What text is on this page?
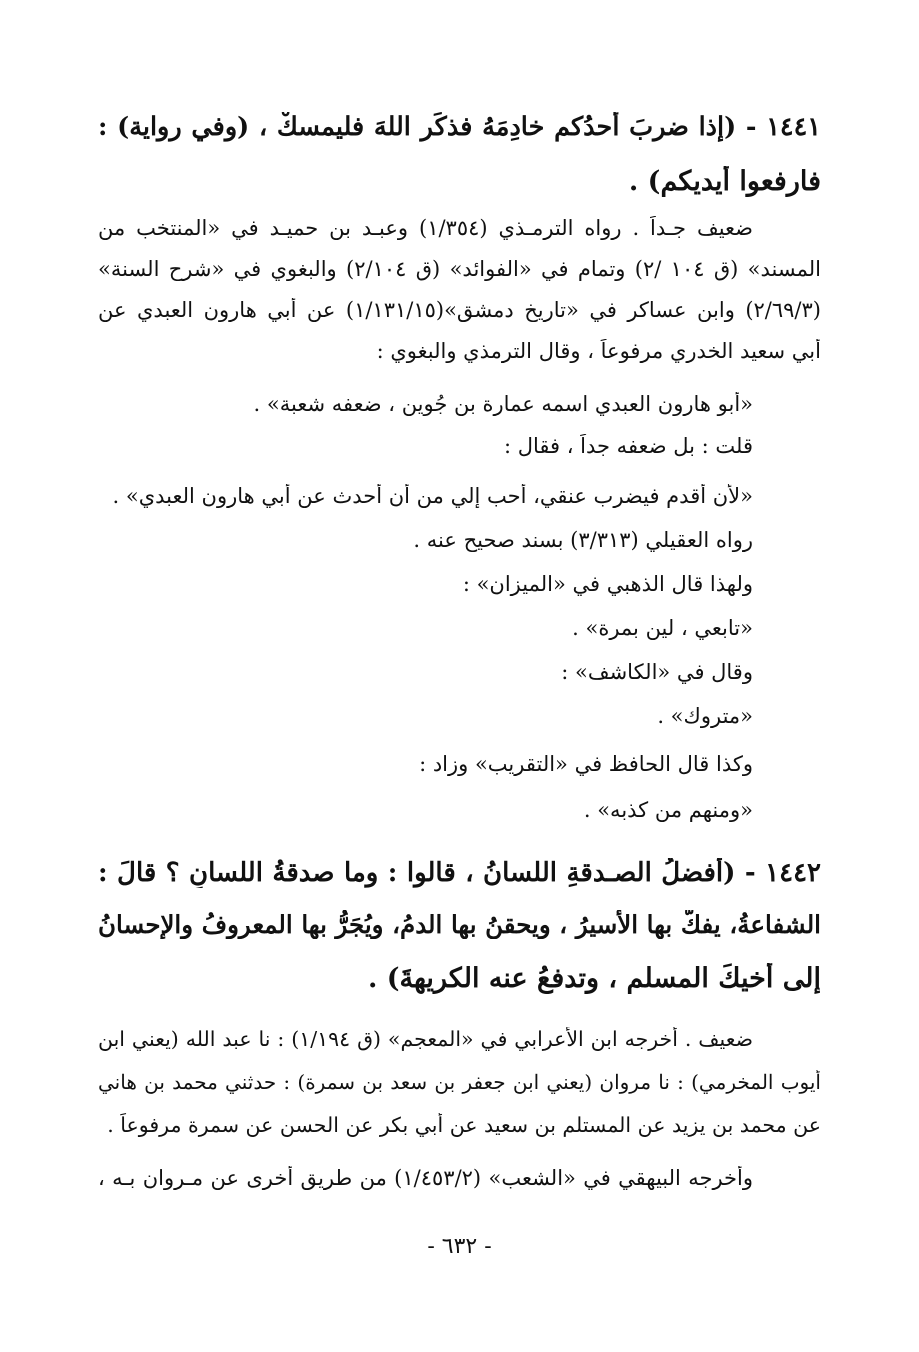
١٤٤١ - (إذا ضربَ أحدُكم خادِمَهُ فذكَر اللهَ فليمسكْ ، (وفي رواية) :
فارفعوا أيديكم) .
ضعيف جـداً . رواه الترمـذي (١/٣٥٤) وعبـد بن حميـد في «المنتخب من
المسند» (ق ١٠٤ /٢) وتمام في «الفوائد» (ق ٢/١٠٤) والبغوي في «شرح السنة»
(٢/٦٩/٣) وابن عساكر في «تاريخ دمشق»(١/١٣١/١٥) عن أبي هارون العبدي عن
أبي سعيد الخدري مرفوعاً ، وقال الترمذي والبغوي :
«أبو هارون العبدي اسمه عمارة بن جُوين ، ضعفه شعبة» .
قلت : بل ضعفه جداً ، فقال :
«لأن أقدم فيضرب عنقي، أحب إلي من أن أحدث عن أبي هارون العبدي» .
رواه العقيلي (٣/٣١٣) بسند صحيح عنه .
ولهذا قال الذهبي في «الميزان» :
«تابعي ، لين بمرة» .
وقال في «الكاشف» :
«متروك» .
وكذا قال الحافظ في «التقريب» وزاد :
«ومنهم من كذبه» .
١٤٤٢ - (أفضلُ الصـدقةِ اللسانُ ، قالوا : وما صدقةُ اللسانِ ؟ قالَ :
الشفاعةُ، يفكُّ بها الأسيرُ ، ويحقنُ بها الدمُ، ويُجَرُّ بها المعروفُ والإحسانُ
إلى أخيكَ المسلمِ ، وتدفعُ عنه الكريهةَ) .
ضعيف . أخرجه ابن الأعرابي في «المعجم» (ق ١/١٩٤) : نا عبد الله (يعني ابن
أيوب المخرمي) : نا مروان (يعني ابن جعفر بن سعد بن سمرة) : حدثني محمد بن هاني
عن محمد بن يزيد عن المستلم بن سعيد عن أبي بكر عن الحسن عن سمرة مرفوعاً .
وأخرجه البيهقي في «الشعب» (١/٤٥٣/٢) من طريق أخرى عن مـروان بـه ،
- ٦٣٢ -
